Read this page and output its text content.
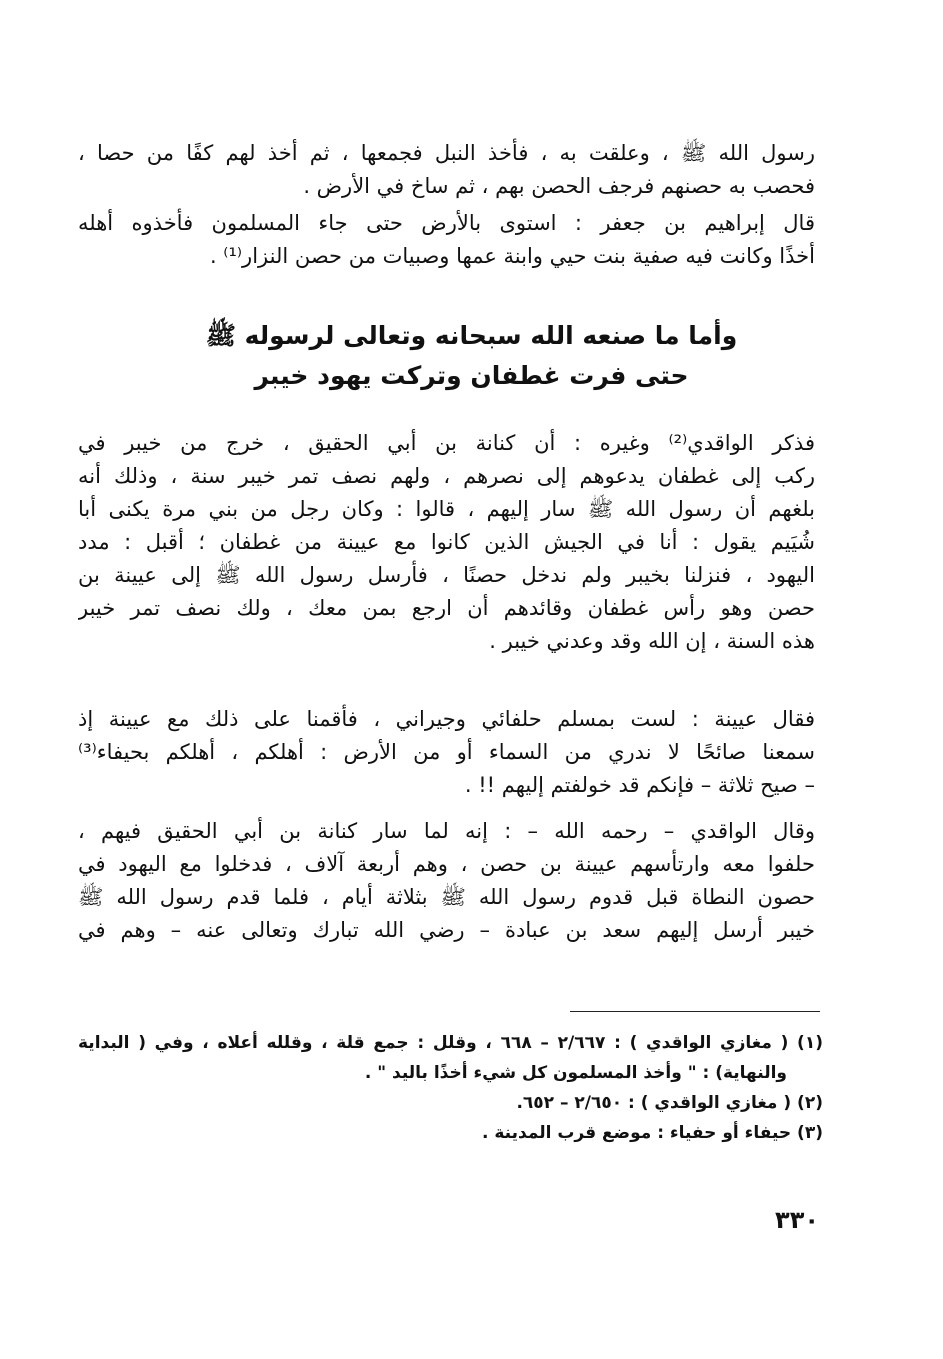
رسول الله ﷺ ، وعلقت به ، فأخذ النبل فجمعها ، ثم أخذ لهم كفًا من حصا ،
فحصب به حصنهم فرجف الحصن بهم ، ثم ساخ في الأرض .
قال إبراهيم بن جعفر : استوى بالأرض حتى جاء المسلمون فأخذوه أهله
أخذًا وكانت فيه صفية بنت حيي وابنة عمها وصبيات من حصن النزار⁽¹⁾ .
وأما ما صنعه الله سبحانه وتعالى لرسوله ﷺ
حتى فرت غطفان وتركت يهود خيبر
فذكر الواقدي⁽²⁾ وغيره : أن كنانة بن أبي الحقيق ، خرج من خيبر في
ركب إلى غطفان يدعوهم إلى نصرهم ، ولهم نصف تمر خيبر سنة ، وذلك أنه
بلغهم أن رسول الله ﷺ سار إليهم ، قالوا : وكان رجل من بني مرة يكنى أبا
شُيَيم يقول : أنا في الجيش الذين كانوا مع عيينة من غطفان ؛ أقبل : مدد
اليهود ، فنزلنا بخيبر ولم ندخل حصنًا ، فأرسل رسول الله ﷺ إلى عيينة بن
حصن وهو رأس غطفان وقائدهم أن ارجع بمن معك ، ولك نصف تمر خيبر
هذه السنة ، إن الله وقد وعدني خيبر .
فقال عيينة : لست بمسلم حلفائي وجيراني ، فأقمنا على ذلك مع عيينة إذ
سمعنا صائحًا لا ندري من السماء أو من الأرض : أهلكم ، أهلكم بحيفاء⁽³⁾
– صيح ثلاثة – فإنكم قد خولفتم إليهم !! .
وقال الواقدي – رحمه الله – : إنه لما سار كنانة بن أبي الحقيق فيهم ،
حلفوا معه وارتأسهم عيينة بن حصن ، وهم أربعة آلاف ، فدخلوا مع اليهود في
حصون النطاة قبل قدوم رسول الله ﷺ بثلاثة أيام ، فلما قدم رسول الله ﷺ
خيبر أرسل إليهم سعد بن عبادة – رضي الله تبارك وتعالى عنه – وهم في
(١) ( مغازي الواقدي ) : ٢/٦٦٧ – ٦٦٨ ، وقلل : جمع قلة ، وقلله أعلاه ، وفي ( البداية
والنهاية) : " وأخذ المسلمون كل شيء أخذًا باليد " .
(٢) ( مغازي الواقدي ) : ٢/٦٥٠ – ٦٥٢.
(٣) حيفاء أو حفياء : موضع قرب المدينة .
٣٣٠
